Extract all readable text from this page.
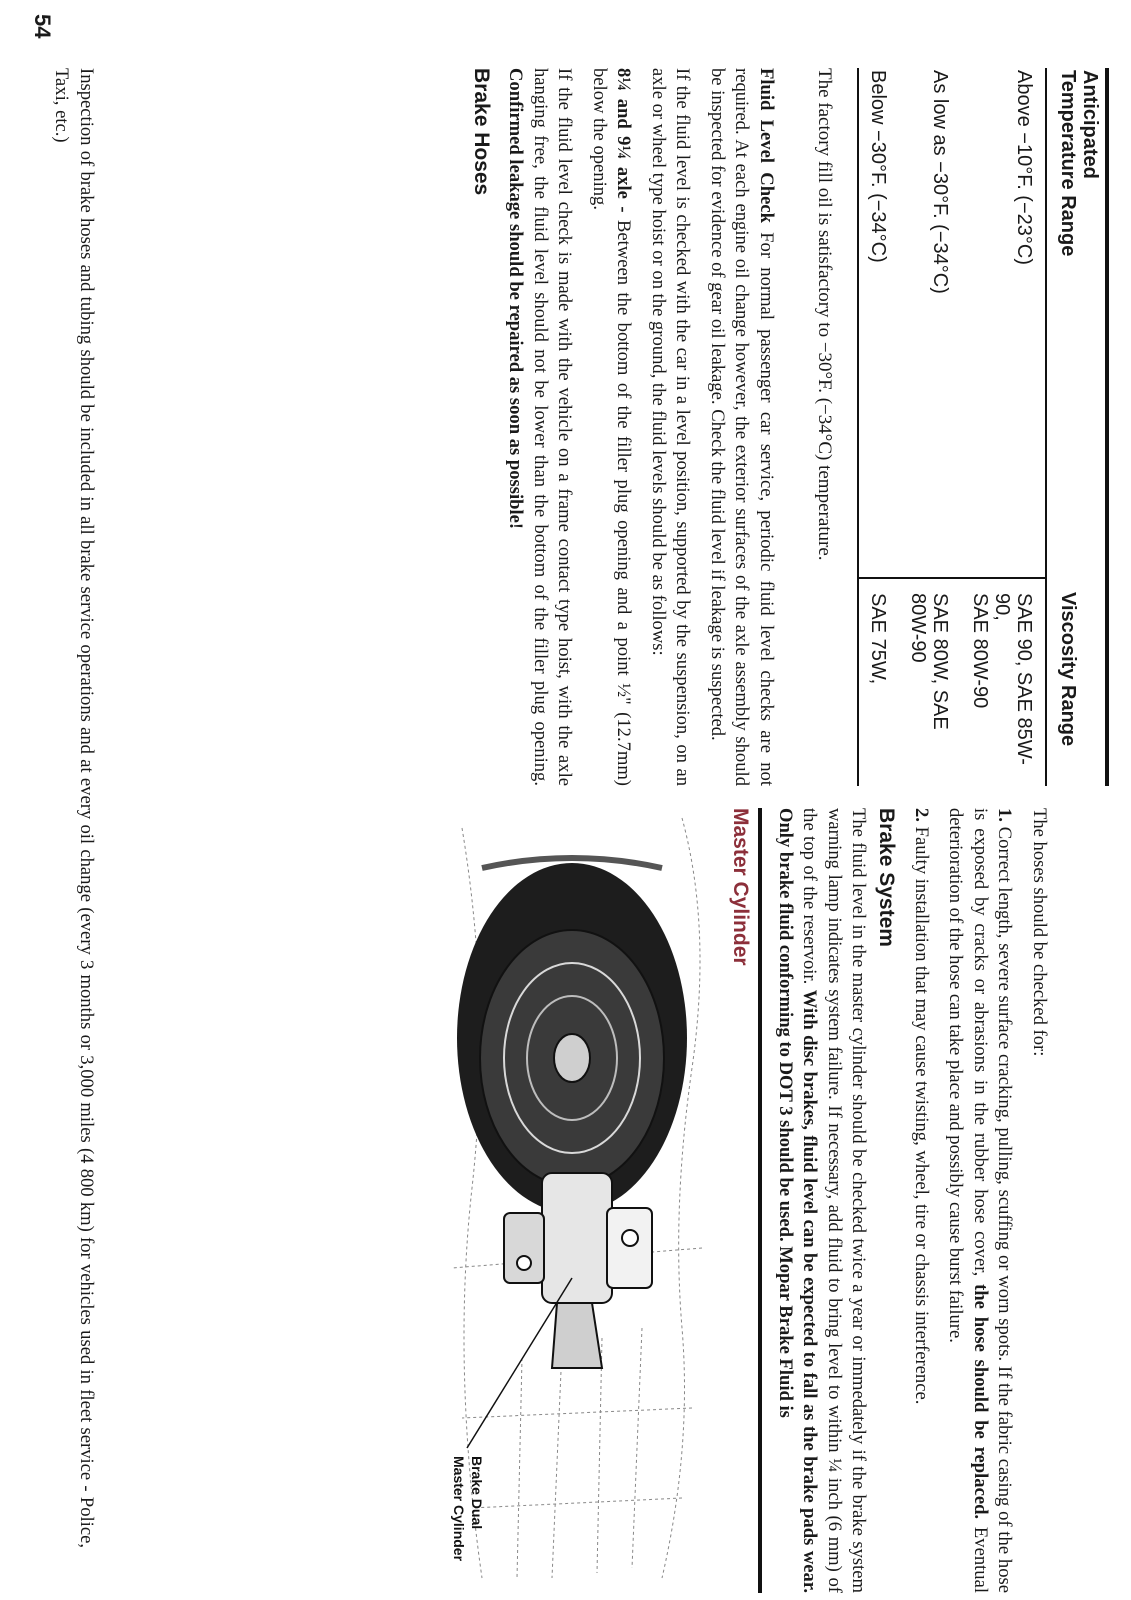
54
Anticipated
Temperature Range	Viscosity Range
Above −10°F. (−23°C)	SAE 90, SAE 85W-90,
SAE 80W-90
As low as −30°F. (−34°C)	SAE 80W, SAE 80W-90
Below −30°F. (−34°C)	SAE 75W,

The factory fill oil is satisfactory to −30°F. (−34°C) temperature.

Fluid Level Check For normal passenger car service, periodic fluid level checks are not required. At each engine oil change however, the exterior surfaces of the axle assembly should be inspected for evidence of gear oil leakage. Check the fluid level if leakage is suspected.

If the fluid level is checked with the car in a level position, supported by the suspension, on an axle or wheel type hoist or on the ground, the fluid levels should be as follows:

8¼ and 9¼ axle - Between the bottom of the filler plug opening and a point ½" (12.7mm) below the opening.

If the fluid level check is made with the vehicle on a frame contact type hoist, with the axle hanging free, the fluid level should not be lower than the bottom of the filler plug opening. Confirmed leakage should be repaired as soon as possible!

Brake Hoses

Inspection of brake hoses and tubing should be included in all brake service operations and at every oil change (every 3 months or 3,000 miles (4 800 km) for vehicles used in fleet service - Police, Taxi, etc.)

The hoses should be checked for:

1. Correct length, severe surface cracking, pulling, scuffing or worn spots. If the fabric casing of the hose is exposed by cracks or abrasions in the rubber hose cover, the hose should be replaced. Eventual deterioration of the hose can take place and possibly cause burst failure.

2. Faulty installation that may cause twisting, wheel, tire or chassis interference.

Brake System

The fluid level in the master cylinder should be checked twice a year or immedately if the brake system warning lamp indicates system failure. If necessary, add fluid to bring level to within ¼ inch (6 mm) of the top of the reservoir. With disc brakes, fluid level can be expected to fall as the brake pads wear. Only brake fluid conforming to DOT 3 should be used. Mopar Brake Fluid is

Master Cylinder
Brake Dual
Master Cylinder
